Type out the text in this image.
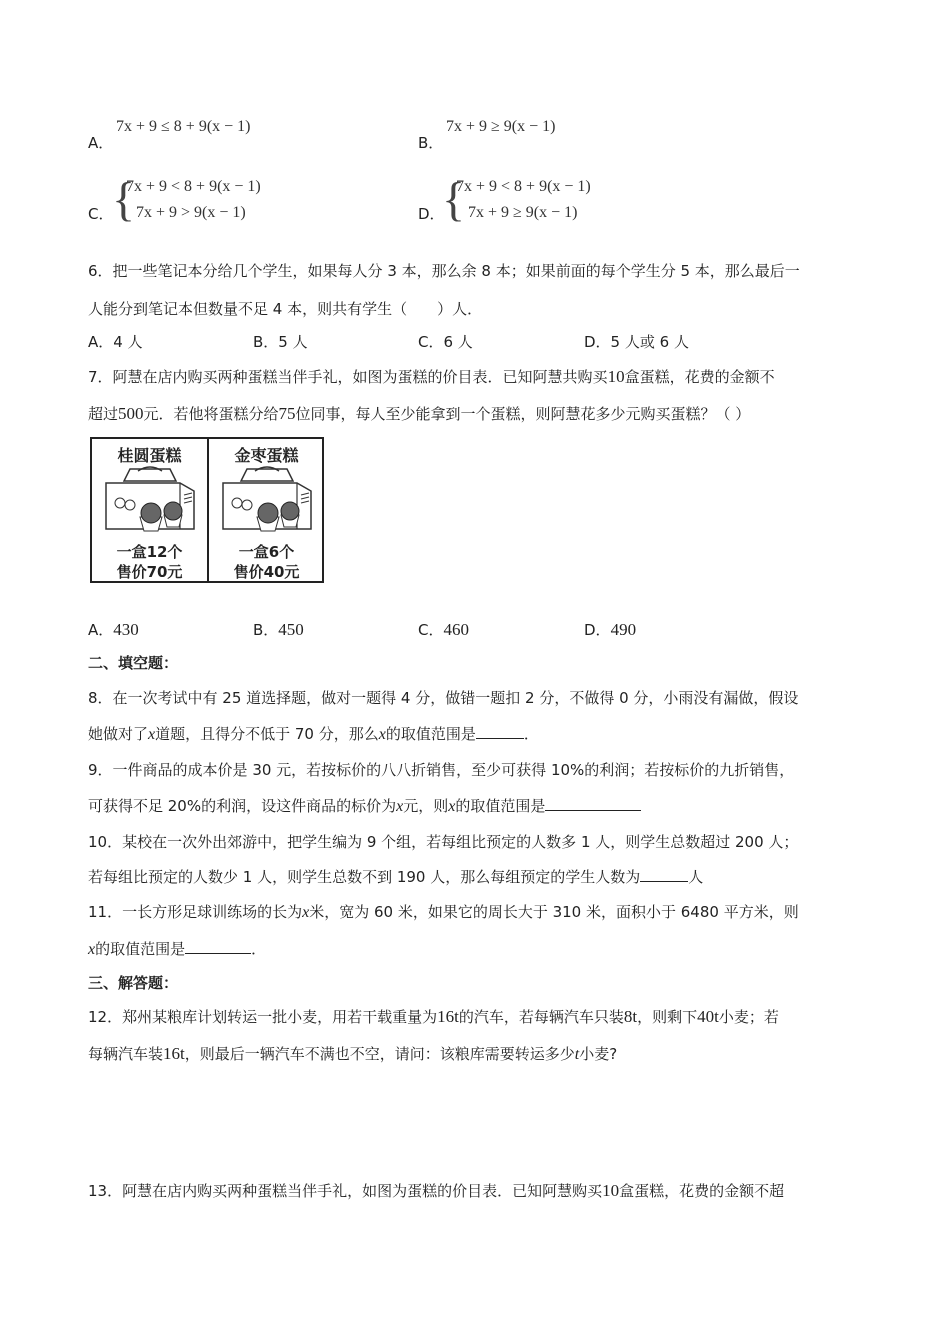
A．
7x + 9 ≤ 8 + 9(x − 1)
B．
7x + 9 ≥ 9(x − 1)
C．
{
7x + 9 < 8 + 9(x − 1)
7x + 9 > 9(x − 1)	D．
{
7x + 9 < 8 + 9(x − 1)
7x + 9 ≥ 9(x − 1)
6．把一些笔记本分给几个学生，如果每人分 3 本，那么余 8 本；如果前面的每个学生分 5 本，那么最后一
人能分到笔记本但数量不足 4 本，则共有学生（　　）人．
A．4 人	B．5 人	C．6 人	D．5 人或 6 人
7．阿慧在店内购买两种蛋糕当伴手礼，如图为蛋糕的价目表．已知阿慧共购买10盒蛋糕，花费的金额不
超过500元．若他将蛋糕分给75位同事，每人至少能拿到一个蛋糕，则阿慧花多少元购买蛋糕？（ ）
桂圆蛋糕
一盒12个
售价70元
金枣蛋糕
一盒6个
售价40元
A．430	B．450	C．460	D．490
二、填空题：
8．在一次考试中有 25 道选择题，做对一题得 4 分，做错一题扣 2 分，不做得 0 分，小雨没有漏做，假设
她做对了x道题，且得分不低于 70 分，那么x的取值范围是	．
9．一件商品的成本价是 30 元，若按标价的八八折销售，至少可获得 10%的利润；若按标价的九折销售，
可获得不足 20%的利润，设这件商品的标价为x元，则x的取值范围是
10．某校在一次外出郊游中，把学生编为 9 个组，若每组比预定的人数多 1 人，则学生总数超过 200 人；
若每组比预定的人数少 1 人，则学生总数不到 190 人，那么每组预定的学生人数为	人
11．一长方形足球训练场的长为x米，宽为 60 米，如果它的周长大于 310 米，面积小于 6480 平方米，则
x的取值范围是	．
三、解答题：
12．郑州某粮库计划转运一批小麦，用若干载重量为16t的汽车，若每辆汽车只装8t，则剩下40t小麦；若
每辆汽车装16t，则最后一辆汽车不满也不空，请问：该粮库需要转运多少t小麦?
13．阿慧在店内购买两种蛋糕当伴手礼，如图为蛋糕的价目表．已知阿慧购买10盒蛋糕，花费的金额不超
